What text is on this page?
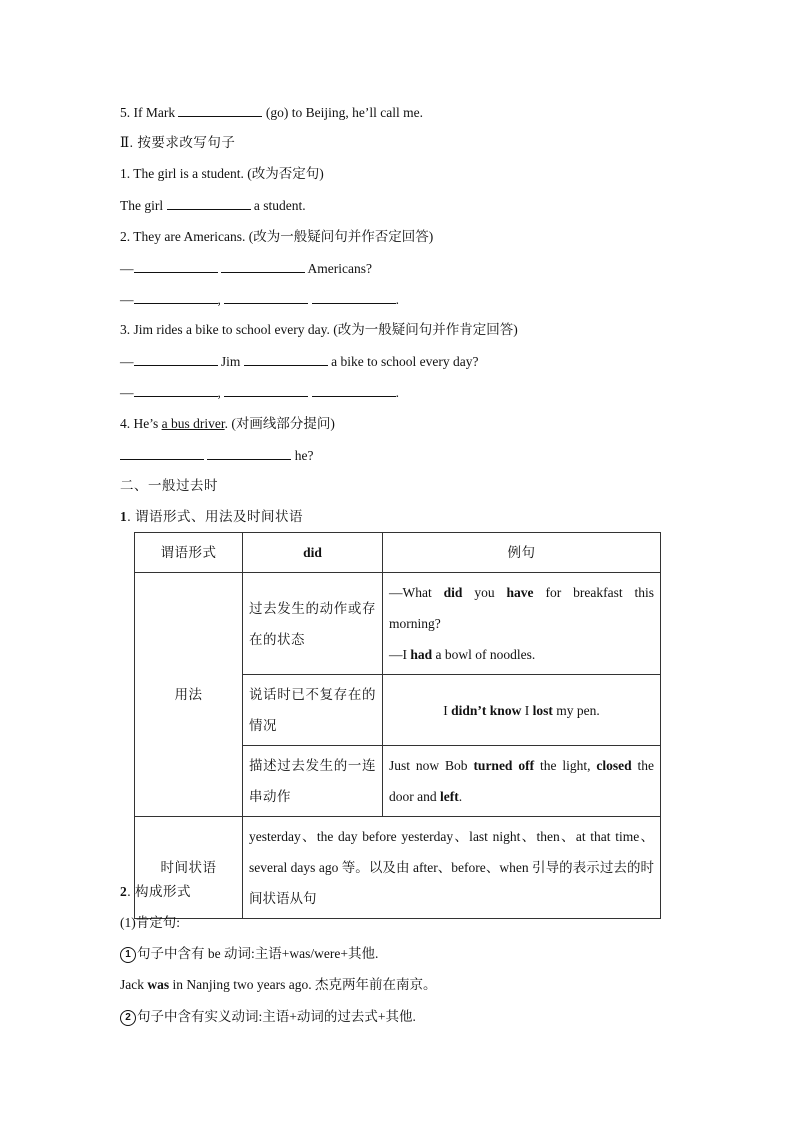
5. If Mark	(go) to Beijing, he’ll call me.
Ⅱ. 按要求改写句子
1. The girl is a student. (改为否定句)
The girl	a student.
2. They are Americans. (改为一般疑问句并作否定回答)
—	Americans?
—	,	.
3. Jim rides a bike to school every day. (改为一般疑问句并作肯定回答)
—	Jim	a bike to school every day?
—	,	.
4. He’s a bus driver. (对画线部分提问)
he?
二、一般过去时
1. 谓语形式、用法及时间状语
谓语形式	did	例句
用法	过去发生的动作或存在的状态	—What did you have for breakfast this morning?
—I had a bowl of noodles.
	说话时已不复存在的情况	I didn’t know I lost my pen.
	描述过去发生的一连串动作	Just now Bob turned off the light, closed the door and left.
时间状语	yesterday、the day before yesterday、last night、then、at that time、several days ago 等。以及由 after、before、when 引导的表示过去的时间状语从句	
2. 构成形式
(1)肯定句:
1 句子中含有 be 动词:主语+was/were+其他.
Jack was in Nanjing two years ago. 杰克两年前在南京。
2 句子中含有实义动词:主语+动词的过去式+其他.
